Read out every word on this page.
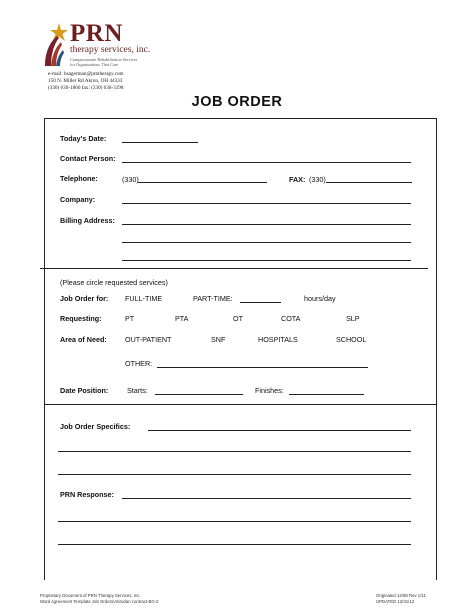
PRN
therapy services, inc.
Compassionate Rehabilitation Services
for Organizations That Care
e-mail: bsagerman@prntherapy.com
150 N. Miller Rd Akron, OH 44333
(330) 630-1860 fax: (330) 630-3198
JOB ORDER
Today's Date:
Contact Person:
Telephone:	(330)	FAX: (330)
Company:
Billing Address:
(Please circle requested services)
Job Order for: FULL-TIME	PART-TIME:	hours/day
Requesting:	PT	PTA	OT	COTA	SLP
Area of Need:	OUT-PATIENT	SNF	HOSPITALS	SCHOOL
OTHER:
Date Position:	Starts:	Finishes:
Job Order Specifics:
PRN Response:
Proprietary Document of PRN Therapy Services, Inc.
Word Agreement Template Job Orders\Abrodan contract-BG-2
Originated 12/98 Rev 1/11
UPDATED 12/31/12
